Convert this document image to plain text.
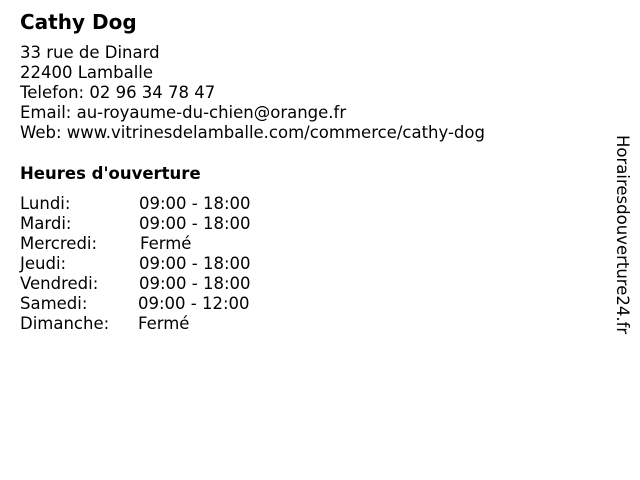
Cathy Dog
33 rue de Dinard
22400 Lamballe
Telefon: 02 96 34 78 47
Email: au-royaume-du-chien@orange.fr
Web: www.vitrinesdelamballe.com/commerce/cathy-dog
Heures d'ouverture
Lundi:	09:00 - 18:00
Mardi:	09:00 - 18:00
Mercredi:	Fermé
Jeudi:	09:00 - 18:00
Vendredi: 09:00 - 18:00
Samedi:	09:00 - 12:00
Dimanche: Fermé	Horairesdouverture24.fr
